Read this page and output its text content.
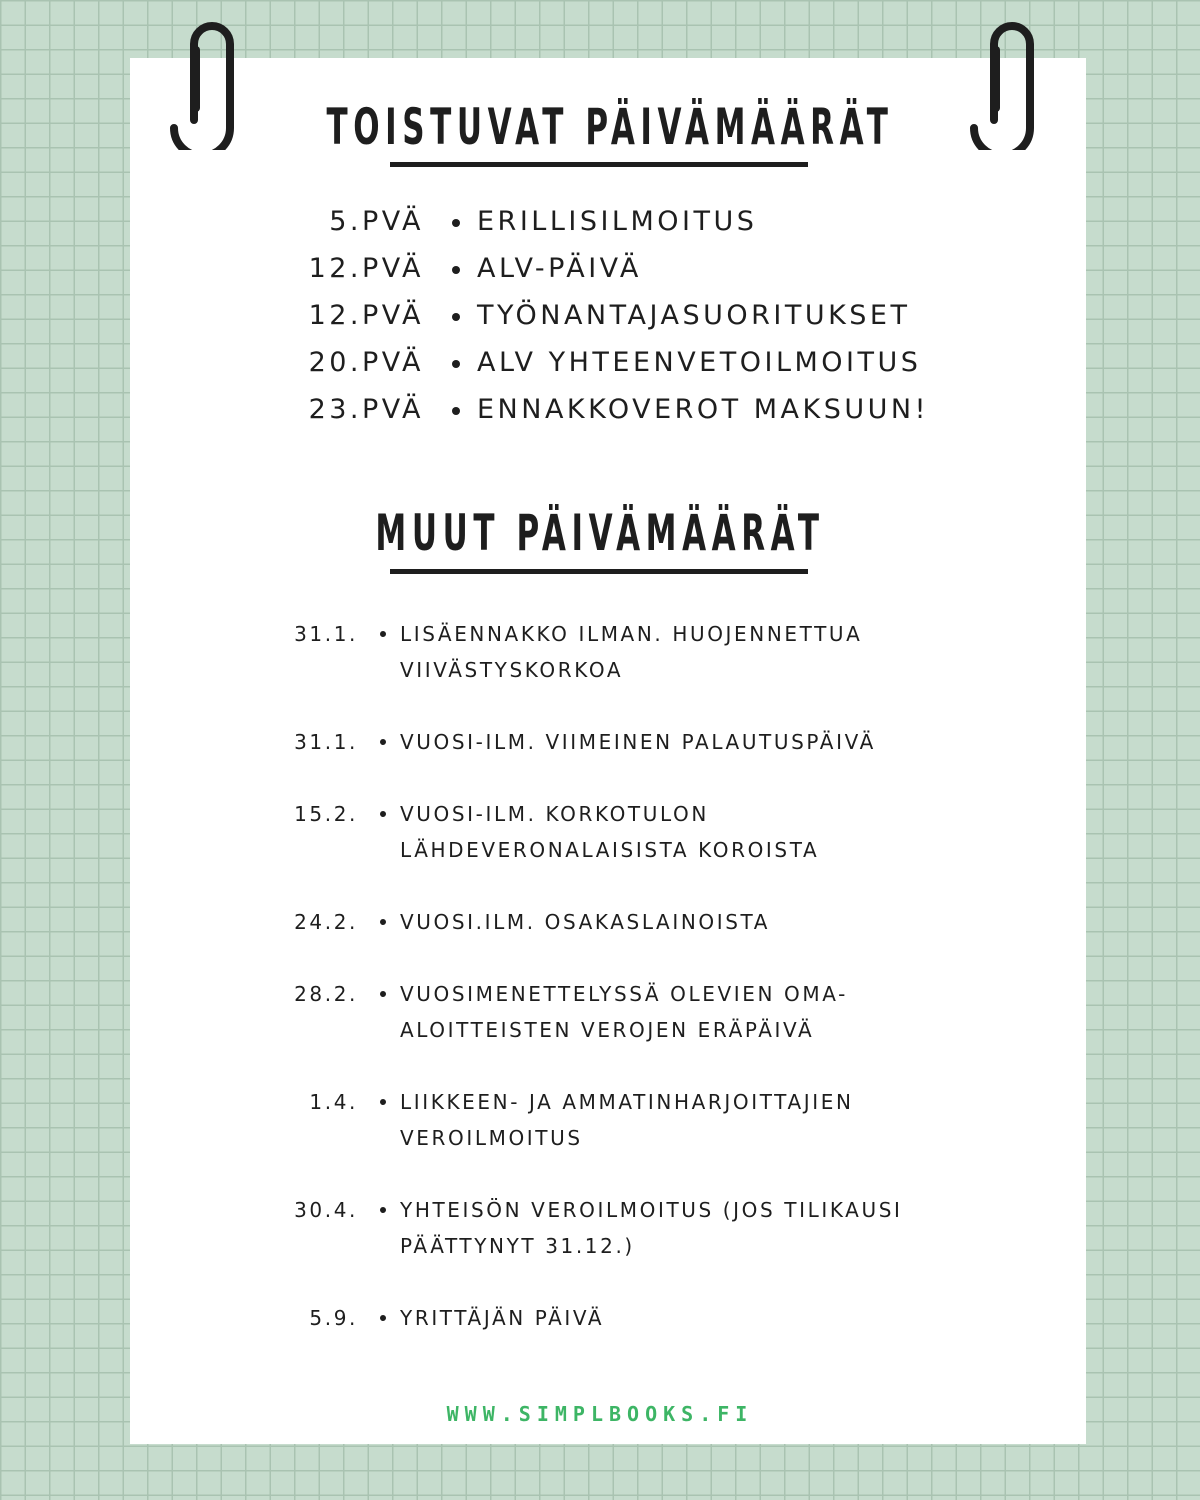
TOISTUVAT PÄIVÄMÄÄRÄT
5.PVÄ ERILLISILMOITUS
12.PVÄ ALV-PÄIVÄ
12.PVÄ TYÖNANTAJASUORITUKSET
20.PVÄ ALV YHTEENVETOILMOITUS
23.PVÄ ENNAKKOVEROT MAKSUUN!
MUUT PÄIVÄMÄÄRÄT
31.1. LISÄENNAKKO ILMAN. HUOJENNETTUA
VIIVÄSTYSKORKOA
31.1. VUOSI-ILM. VIIMEINEN PALAUTUSPÄIVÄ
15.2. VUOSI-ILM. KORKOTULON
LÄHDEVERONALAISISTA KOROISTA
24.2. VUOSI.ILM. OSAKASLAINOISTA
28.2. VUOSIMENETTELYSSÄ OLEVIEN OMA-
ALOITTEISTEN VEROJEN ERÄPÄIVÄ
1.4. LIIKKEEN- JA AMMATINHARJOITTAJIEN
VEROILMOITUS
30.4. YHTEISÖN VEROILMOITUS (JOS TILIKAUSI
PÄÄTTYNYT 31.12.)
5.9. YRITTÄJÄN PÄIVÄ
WWW.SIMPLBOOKS.FI
